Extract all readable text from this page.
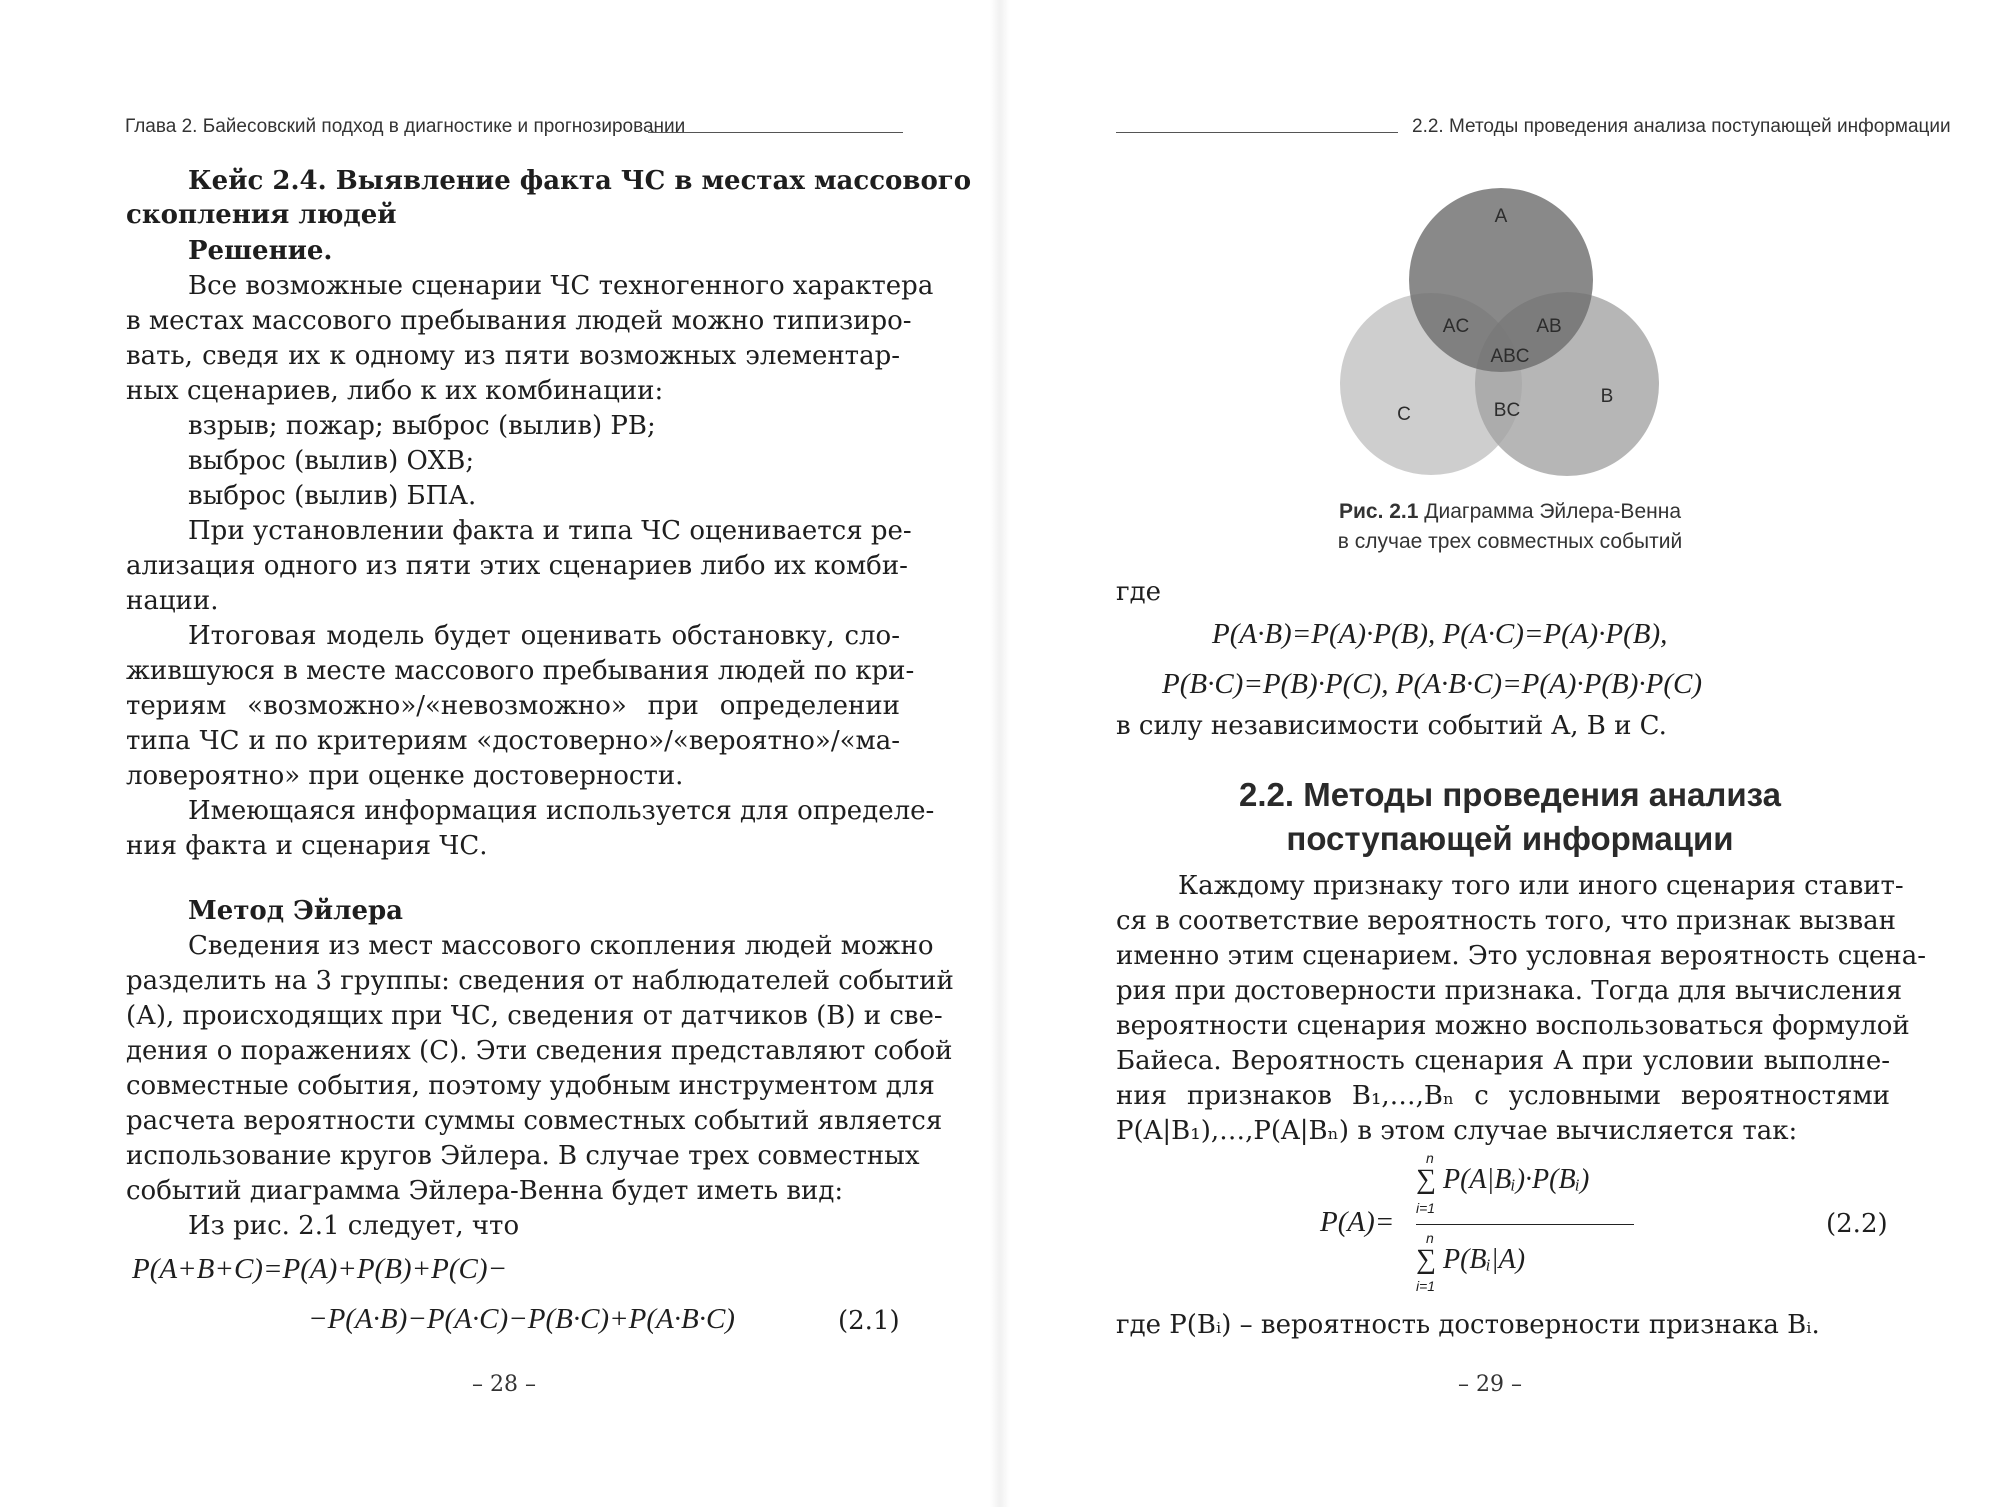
Глава 2. Байесовский подход в диагностике и прогнозировании
Кейс 2.4. Выявление факта ЧС в местах массового
скопления людей
Решение.
Все возможные сценарии ЧС техногенного характера
в местах массового пребывания людей можно типизиро-
вать, сведя их к одному из пяти возможных элементар-
ных сценариев, либо к их комбинации:
взрыв; пожар; выброс (вылив) РВ;
выброс (вылив) ОХВ;
выброс (вылив) БПА.
При установлении факта и типа ЧС оценивается ре-
ализация одного из пяти этих сценариев либо их комби-
нации.
Итоговая модель будет оценивать обстановку, сло-
жившуюся в месте массового пребывания людей по кри-
териям «возможно»/«невозможно» при определении
типа ЧС и по критериям «достоверно»/«вероятно»/«ма-
ловероятно» при оценке достоверности.
Имеющаяся информация используется для определе-
ния факта и сценария ЧС.
Метод Эйлера
Сведения из мест массового скопления людей можно
разделить на 3 группы: сведения от наблюдателей событий
(А), происходящих при ЧС, сведения от датчиков (В) и све-
дения о поражениях (С). Эти сведения представляют собой
совместные события, поэтому удобным инструментом для
расчета вероятности суммы совместных событий является
использование кругов Эйлера. В случае трех совместных
событий диаграмма Эйлера-Венна будет иметь вид:
Из рис. 2.1 следует, что
P(A+B+C)=P(A)+P(B)+P(C)−
−P(A·B)−P(A·C)−P(B·C)+P(A·B·C)	(2.1)
– 28 –
2.2. Методы проведения анализа поступающей информации
A
AC	AB
ABC
C	BC
B
Рис. 2.1 Диаграмма Эйлера-Венна
в случае трех совместных событий
где
P(A·B)=P(A)·P(B), P(A·C)=P(A)·P(B),
P(B·C)=P(B)·P(C), P(A·B·C)=P(A)·P(B)·P(C)
в силу независимости событий A, B и C.
2.2. Методы проведения анализа
поступающей информации
Каждому признаку того или иного сценария ставит-
ся в соответствие вероятность того, что признак вызван
именно этим сценарием. Это условная вероятность сцена-
рия при достоверности признака. Тогда для вычисления
вероятности сценария можно воспользоваться формулой
Байеса. Вероятность сценария A при условии выполне-
ния признаков B₁,…,Bₙ с условными вероятностями
P(A|B₁),…,P(A|Bₙ) в этом случае вычисляется так:
P(A)=
n
∑ P(A|Bᵢ)·P(Bᵢ)
i=1
n
∑ P(Bᵢ|A)
i=1
(2.2)
где P(Bᵢ) – вероятность достоверности признака Bᵢ.
– 29 –
